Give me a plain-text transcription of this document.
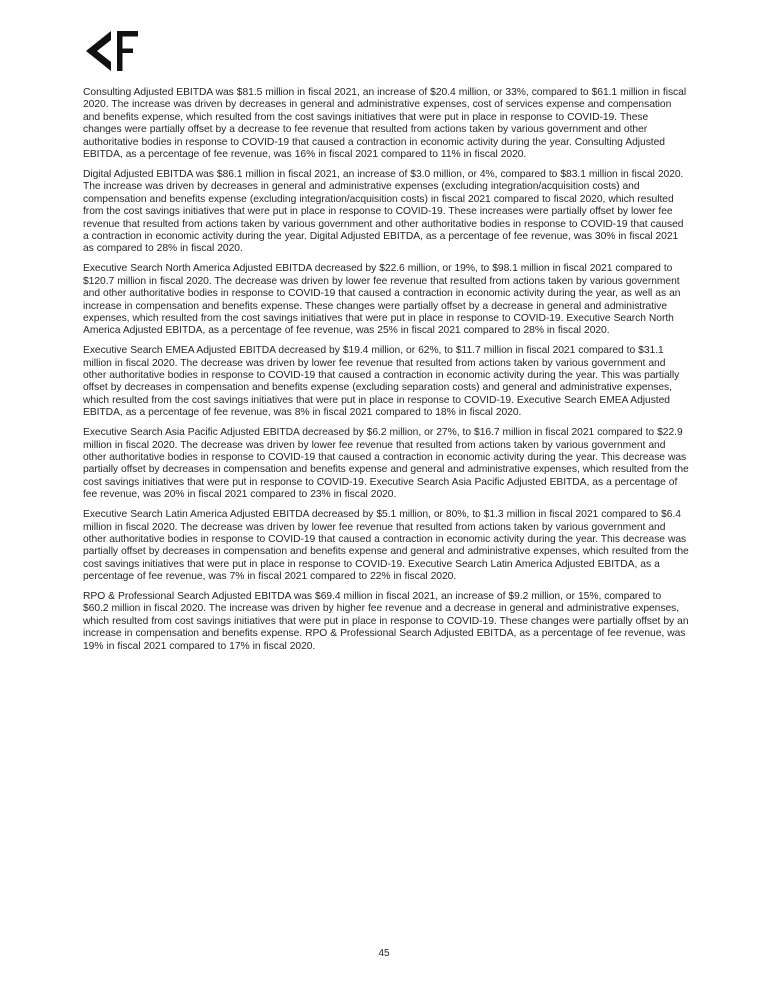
Consulting Adjusted EBITDA was $81.5 million in fiscal 2021, an increase of $20.4 million, or 33%, compared to $61.1 million in fiscal 2020. The increase was driven by decreases in general and administrative expenses, cost of services expense and compensation and benefits expense, which resulted from the cost savings initiatives that were put in place in response to COVID-19. These changes were partially offset by a decrease to fee revenue that resulted from actions taken by various government and other authoritative bodies in response to COVID-19 that caused a contraction in economic activity during the year. Consulting Adjusted EBITDA, as a percentage of fee revenue, was 16% in fiscal 2021 compared to 11% in fiscal 2020.

Digital Adjusted EBITDA was $86.1 million in fiscal 2021, an increase of $3.0 million, or 4%, compared to $83.1 million in fiscal 2020. The increase was driven by decreases in general and administrative expenses (excluding integration/acquisition costs) and compensation and benefits expense (excluding integration/acquisition costs) in fiscal 2021 compared to fiscal 2020, which resulted from the cost savings initiatives that were put in place in response to COVID-19. These increases were partially offset by lower fee revenue that resulted from actions taken by various government and other authoritative bodies in response to COVID-19 that caused a contraction in economic activity during the year. Digital Adjusted EBITDA, as a percentage of fee revenue, was 30% in fiscal 2021 as compared to 28% in fiscal 2020.

Executive Search North America Adjusted EBITDA decreased by $22.6 million, or 19%, to $98.1 million in fiscal 2021 compared to $120.7 million in fiscal 2020. The decrease was driven by lower fee revenue that resulted from actions taken by various government and other authoritative bodies in response to COVID-19 that caused a contraction in economic activity during the year, as well as an increase in compensation and benefits expense. These changes were partially offset by a decrease in general and administrative expenses, which resulted from the cost savings initiatives that were put in place in response to COVID-19. Executive Search North America Adjusted EBITDA, as a percentage of fee revenue, was 25% in fiscal 2021 compared to 28% in fiscal 2020.

Executive Search EMEA Adjusted EBITDA decreased by $19.4 million, or 62%, to $11.7 million in fiscal 2021 compared to $31.1 million in fiscal 2020. The decrease was driven by lower fee revenue that resulted from actions taken by various government and other authoritative bodies in response to COVID-19 that caused a contraction in economic activity during the year. This was partially offset by decreases in compensation and benefits expense (excluding separation costs) and general and administrative expenses, which resulted from the cost savings initiatives that were put in place in response to COVID-19. Executive Search EMEA Adjusted EBITDA, as a percentage of fee revenue, was 8% in fiscal 2021 compared to 18% in fiscal 2020.

Executive Search Asia Pacific Adjusted EBITDA decreased by $6.2 million, or 27%, to $16.7 million in fiscal 2021 compared to $22.9 million in fiscal 2020. The decrease was driven by lower fee revenue that resulted from actions taken by various government and other authoritative bodies in response to COVID-19 that caused a contraction in economic activity during the year. This decrease was partially offset by decreases in compensation and benefits expense and general and administrative expenses, which resulted from the cost savings initiatives that were put in response to COVID-19. Executive Search Asia Pacific Adjusted EBITDA, as a percentage of fee revenue, was 20% in fiscal 2021 compared to 23% in fiscal 2020.

Executive Search Latin America Adjusted EBITDA decreased by $5.1 million, or 80%, to $1.3 million in fiscal 2021 compared to $6.4 million in fiscal 2020. The decrease was driven by lower fee revenue that resulted from actions taken by various government and other authoritative bodies in response to COVID-19 that caused a contraction in economic activity during the year. This decrease was partially offset by decreases in compensation and benefits expense and general and administrative expenses, which resulted from the cost savings initiatives that were put in place in response to COVID-19. Executive Search Latin America Adjusted EBITDA, as a percentage of fee revenue, was 7% in fiscal 2021 compared to 22% in fiscal 2020.

RPO & Professional Search Adjusted EBITDA was $69.4 million in fiscal 2021, an increase of $9.2 million, or 15%, compared to $60.2 million in fiscal 2020. The increase was driven by higher fee revenue and a decrease in general and administrative expenses, which resulted from cost savings initiatives that were put in place in response to COVID-19. These changes were partially offset by an increase in compensation and benefits expense. RPO & Professional Search Adjusted EBITDA, as a percentage of fee revenue, was 19% in fiscal 2021 compared to 17% in fiscal 2020.

45
